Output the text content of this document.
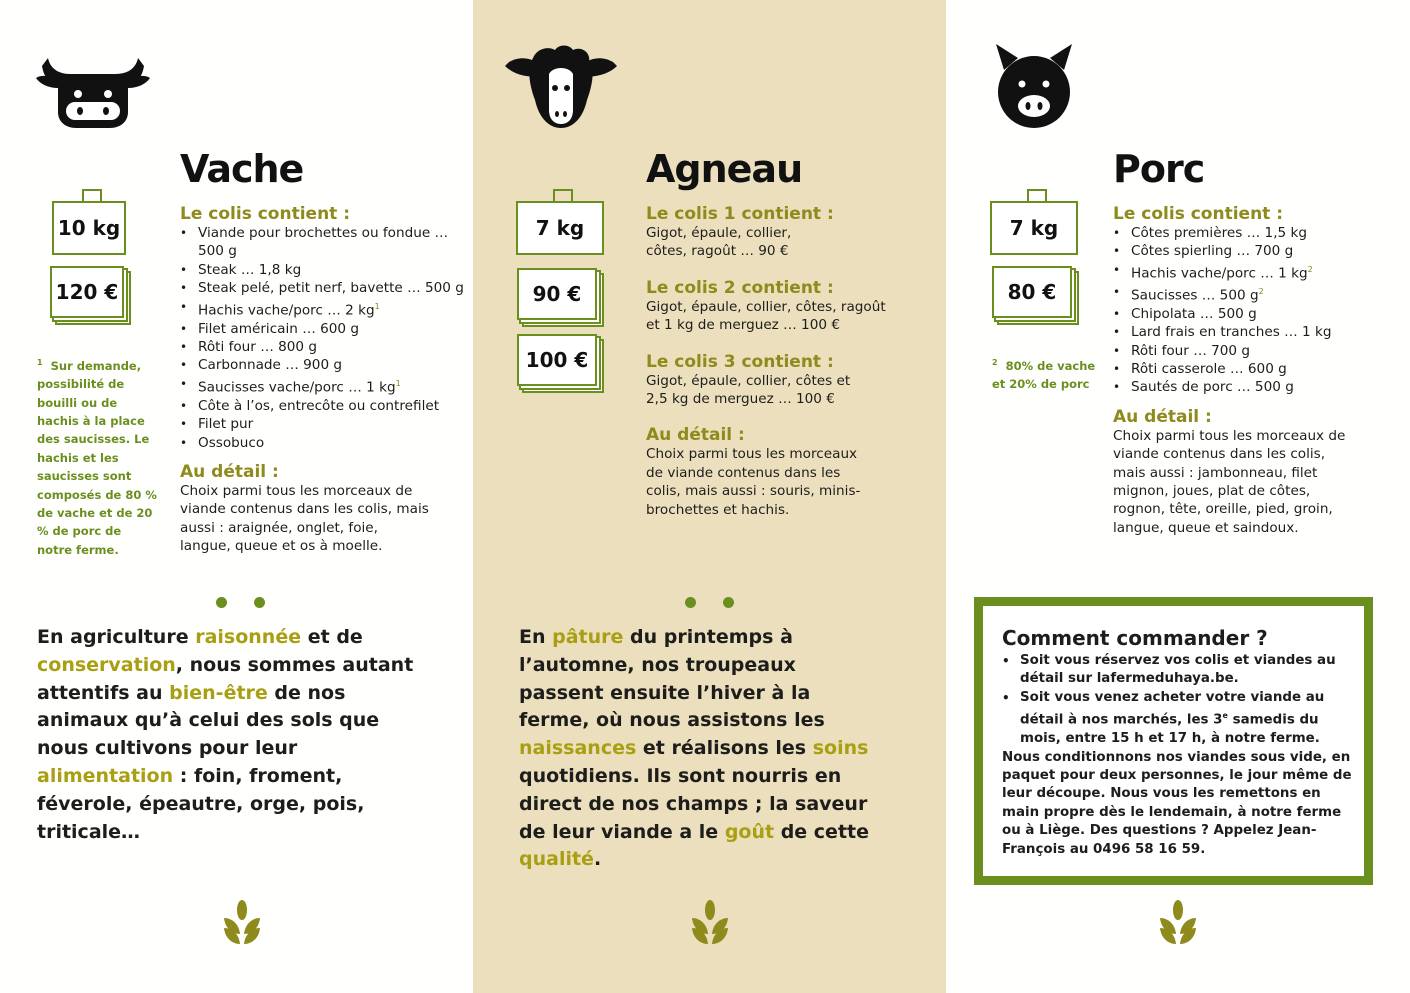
Vache
10 kg
120 €
$^1$ Sur demande, possibilité de bouilli ou de hachis à la place des saucisses. Le hachis et les saucisses sont composés de 80 % de vache et de 20 % de porc de notre ferme.
Le colis contient :
• Viande pour brochettes ou fondue … 500 g
• Steak … 1,8 kg
• Steak pelé, petit nerf, bavette … 500 g
• Hachis vache/porc … 2 $kg^1$
• Filet américain … 600 g
• Rôti four … 800 g
• Carbonnade … 900 g
• Saucisses vache/porc … 1 $kg^1$
• Côte à l’os, entrecôte ou contrefilet
• Filet pur
• Ossobuco
Au détail :
Choix parmi tous les morceaux de viande contenus dans les colis, mais aussi : araignée, onglet, foie, langue, queue et os à moelle.
En agriculture raisonnée et de conservation, nous sommes autant attentifs au bien-être de nos animaux qu’à celui des sols que nous cultivons pour leur alimentation : foin, froment, féverole, épeautre, orge, pois, triticale…
Agneau
7 kg
90 €
100 €
Le colis 1 contient :
Gigot, épaule, collier, côtes, ragoût … 90 €
Le colis 2 contient :
Gigot, épaule, collier, côtes, ragoût et 1 kg de merguez … 100 €
Le colis 3 contient :
Gigot, épaule, collier, côtes et 2,5 kg de merguez … 100 €
Au détail :
Choix parmi tous les morceaux de viande contenus dans les colis, mais aussi : souris, minis-brochettes et hachis.
En pâture du printemps à l’automne, nos troupeaux passent ensuite l’hiver à la ferme, où nous assistons les naissances et réalisons les soins quotidiens. Ils sont nourris en direct de nos champs ; la saveur de leur viande a le goût de cette qualité.
Porc
7 kg
80 €
$^2$ 80% de vache et 20% de porc
Le colis contient :
• Côtes premières … 1,5 kg
• Côtes spierling … 700 g
• Hachis vache/porc … 1 $kg^2$
• Saucisses … 500 $g^2$
• Chipolata … 500 g
• Lard frais en tranches … 1 kg
• Rôti four … 700 g
• Rôti casserole … 600 g
• Sautés de porc … 500 g
Au détail :
Choix parmi tous les morceaux de viande contenus dans les colis, mais aussi : jambonneau, filet mignon, joues, plat de côtes, rognon, tête, oreille, pied, groin, langue, queue et saindoux.
Comment commander ?
• Soit vous réservez vos colis et viandes au détail sur lafermeduhaya.be.
• Soit vous venez acheter votre viande au détail à nos marchés, les 3e samedis du mois, entre 15 h et 17 h, à notre ferme.
Nous conditionnons nos viandes sous vide, en paquet pour deux personnes, le jour même de leur découpe. Nous vous les remettons en main propre dès le lendemain, à notre ferme ou à Liège. Des questions ? Appelez Jean-François au 0496 58 16 59.
